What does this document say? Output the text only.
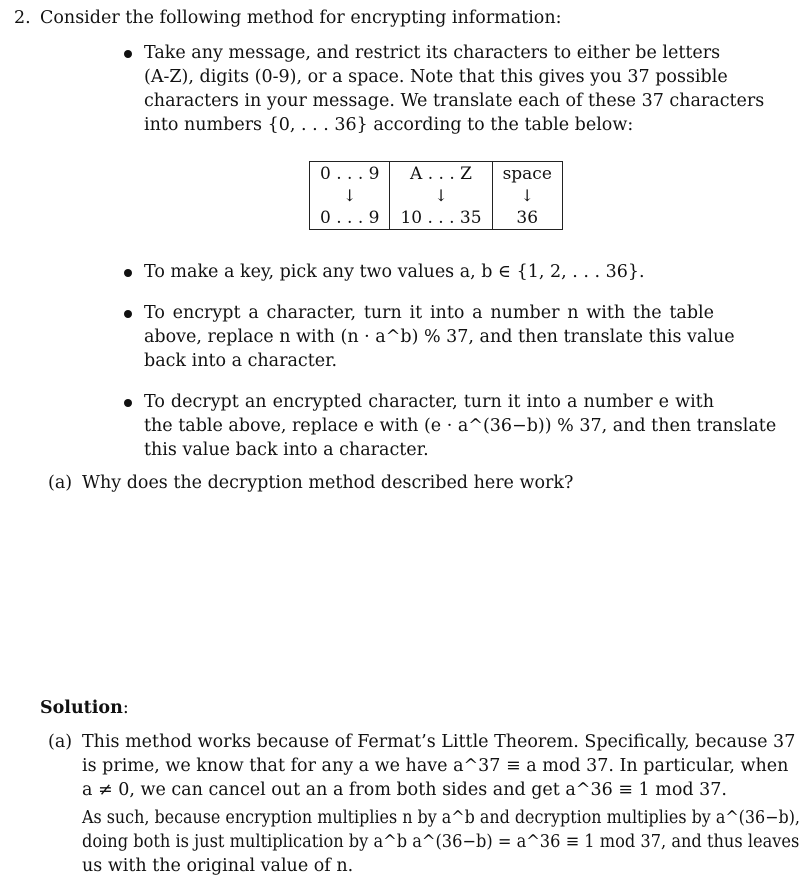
2. Consider the following method for encrypting information:
Take any message, and restrict its characters to either be letters
(A-Z), digits (0-9), or a space. Note that this gives you 37 possible
characters in your message. We translate each of these 37 characters
into numbers {0, . . . 36} according to the table below:
0 . . . 9	A . . . Z	space
↓	↓	↓
0 . . . 9	10 . . . 35	36
To make a key, pick any two values a, b ∈ {1, 2, . . . 36}.
To encrypt a character, turn it into a number n with the table
above, replace n with (n · a^b) % 37, and then translate this value
back into a character.
To decrypt an encrypted character, turn it into a number e with
the table above, replace e with (e · a^(36−b)) % 37, and then translate
this value back into a character.
(a) Why does the decryption method described here work?
Solution:
(a) This method works because of Fermat’s Little Theorem. Specifically, because 37
is prime, we know that for any a we have a^37 ≡ a mod 37. In particular, when
a ≠ 0, we can cancel out an a from both sides and get a^36 ≡ 1 mod 37.
As such, because encryption multiplies n by a^b and decryption multiplies by a^(36−b),
doing both is just multiplication by a^b a^(36−b) = a^36 ≡ 1 mod 37, and thus leaves
us with the original value of n.
